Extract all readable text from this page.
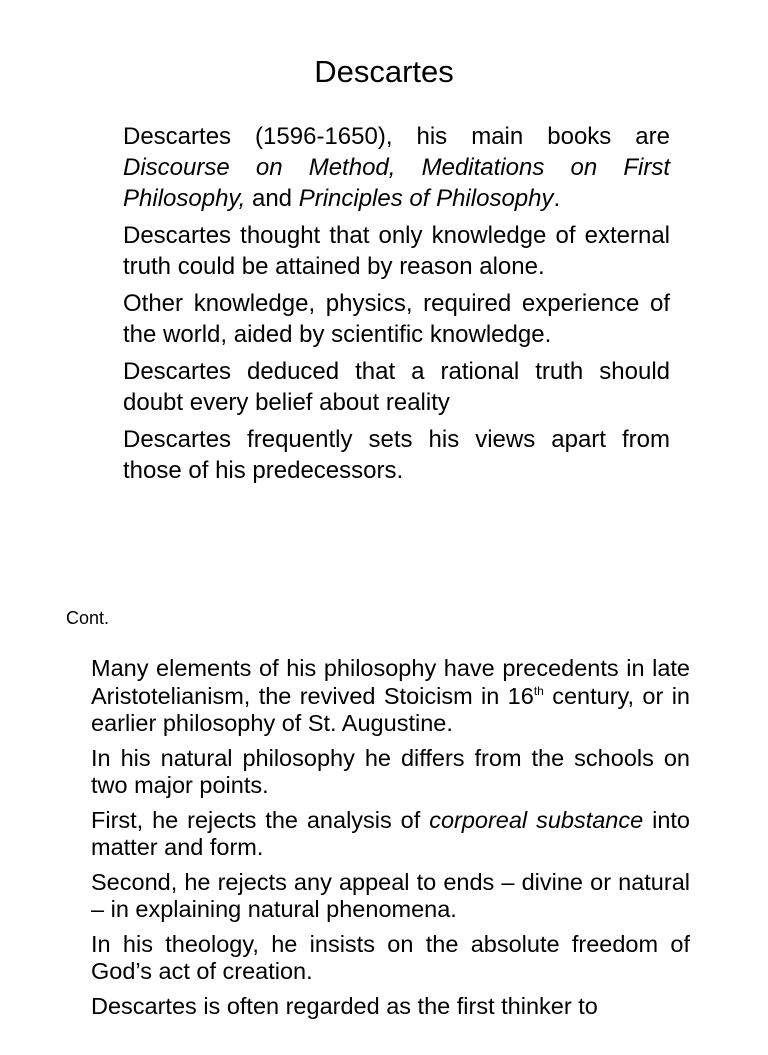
Descartes

Descartes (1596-1650), his main books are Discourse on Method, Meditations on First Philosophy, and Principles of Philosophy.

Descartes thought that only knowledge of external truth could be attained by reason alone.

Other knowledge, physics, required experience of the world, aided by scientific knowledge.

Descartes deduced that a rational truth should doubt every belief about reality

Descartes frequently sets his views apart from those of his predecessors.

Cont.

Many elements of his philosophy have precedents in late Aristotelianism, the revived Stoicism in 16th century, or in earlier philosophy of St. Augustine.

In his natural philosophy he differs from the schools on two major points.

First, he rejects the analysis of corporeal substance into matter and form.

Second, he rejects any appeal to ends – divine or natural – in explaining natural phenomena.

In his theology, he insists on the absolute freedom of God’s act of creation.

Descartes is often regarded as the first thinker to
